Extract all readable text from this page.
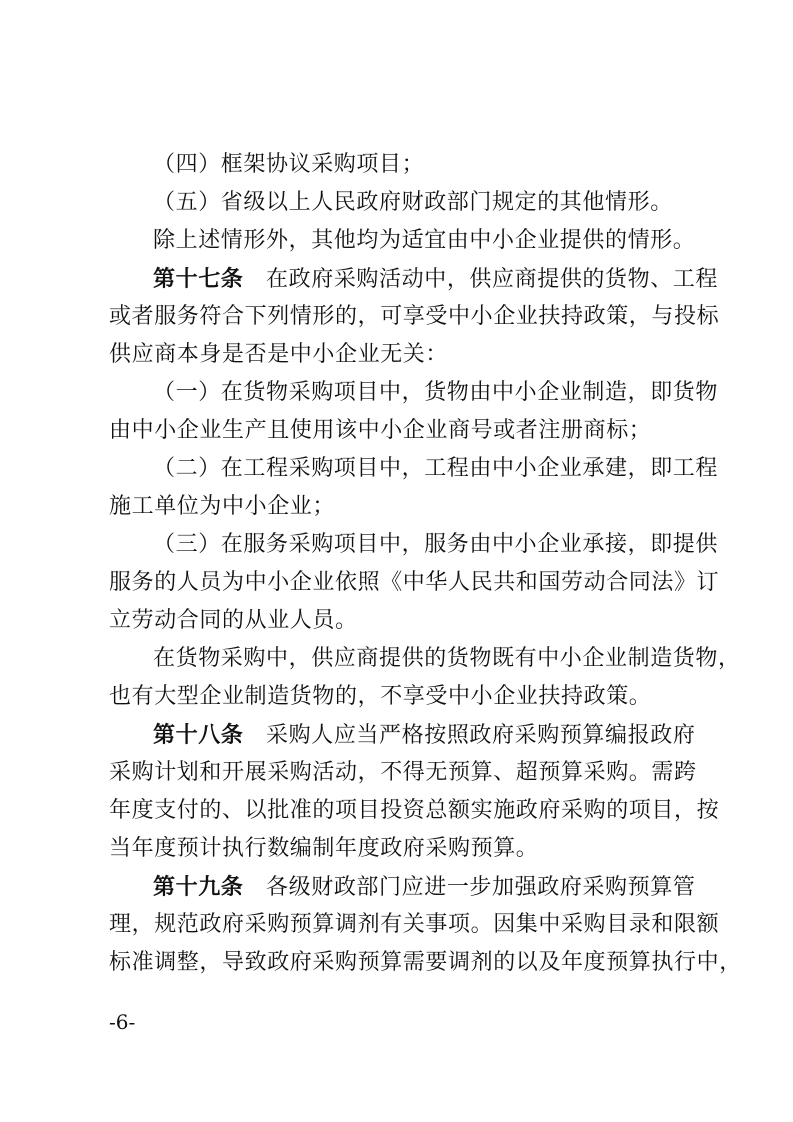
（四）框架协议采购项目；
（五）省级以上人民政府财政部门规定的其他情形。
除上述情形外，其他均为适宜由中小企业提供的情形。
第十七条　 在政府采购活动中，供应商提供的货物、工程
或者服务符合下列情形的，可享受中小企业扶持政策，与投标
供应商本身是否是中小企业无关：
（一）在货物采购项目中，货物由中小企业制造，即货物
由中小企业生产且使用该中小企业商号或者注册商标；
（二）在工程采购项目中，工程由中小企业承建，即工程
施工单位为中小企业；
（三）在服务采购项目中，服务由中小企业承接，即提供
服务的人员为中小企业依照《中华人民共和国劳动合同法》订
立劳动合同的从业人员。
在货物采购中，供应商提供的货物既有中小企业制造货物，
也有大型企业制造货物的，不享受中小企业扶持政策。
第十八条　 采购人应当严格按照政府采购预算编报政府
采购计划和开展采购活动，不得无预算、超预算采购。需跨
年度支付的、以批准的项目投资总额实施政府采购的项目，按
当年度预计执行数编制年度政府采购预算。
第十九条　 各级财政部门应进一步加强政府采购预算管
理，规范政府采购预算调剂有关事项。因集中采购目录和限额
标准调整，导致政府采购预算需要调剂的以及年度预算执行中，
-6-
